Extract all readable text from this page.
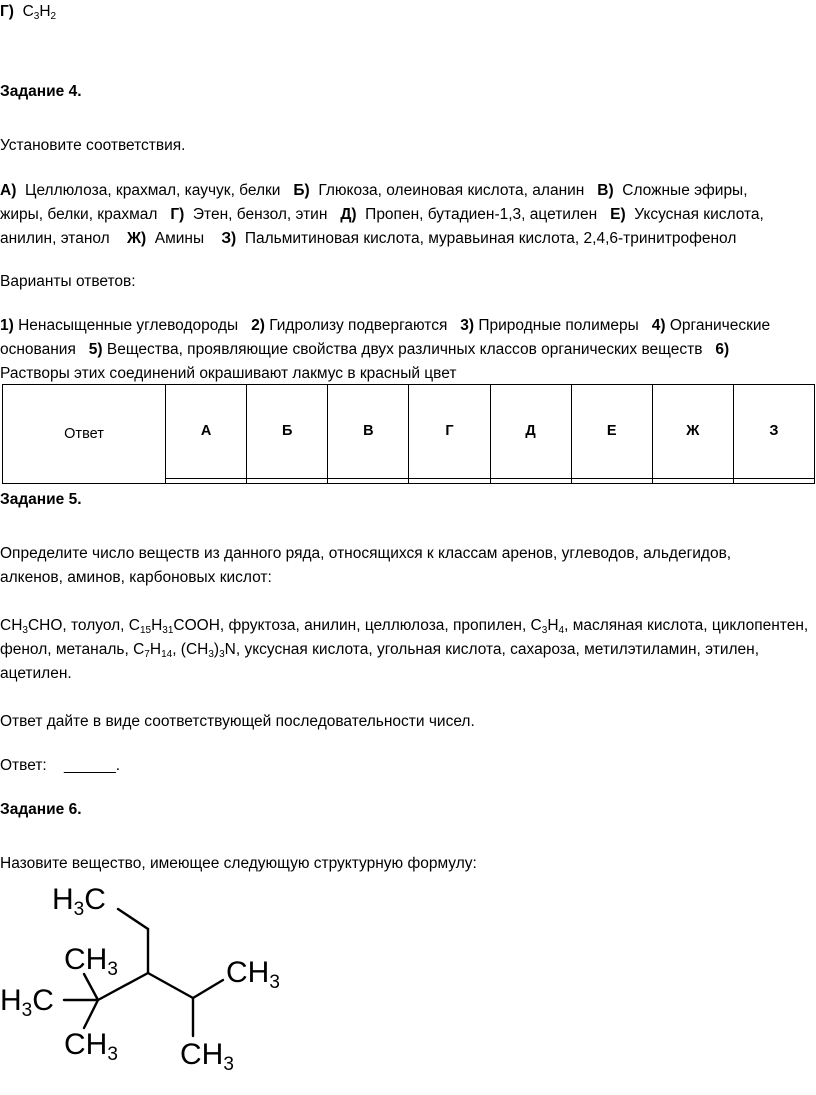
Г) $C_3H_2$
Задание 4.
Установите соответствия.
А) Целлюлоза, крахмал, каучук, белки Б) Глюкоза, олеиновая кислота, аланин В) Сложные эфиры,
жиры, белки, крахмал Г) Этен, бензол, этин Д) Пропен, бутадиен-1,3, ацетилен Е) Уксусная кислота,
анилин, этанол Ж) Амины З) Пальмитиновая кислота, муравьиная кислота, 2,4,6-тринитрофенол
Варианты ответов:
1) Ненасыщенные углеводороды 2) Гидролизу подвергаются 3) Природные полимеры 4) Органические
основания 5) Вещества, проявляющие свойства двух различных классов органических веществ 6)
Растворы этих соединений окрашивают лакмус в красный цвет
Ответ	А	Б	В	Г	Д	Е	Ж	З

Задание 5.
Определите число веществ из данного ряда, относящихся к классам аренов, углеводов, альдегидов,
алкенов, аминов, карбоновых кислот:
$CH_3CHO$, толуол, $C_{15}H_{31}COOH$, фруктоза, анилин, целлюлоза, пропилен, $C_3H_4$, масляная кислота, циклопентен,
фенол, метаналь, $C_7H_{14}$, $(CH_3)_3N$, уксусная кислота, угольная кислота, сахароза, метилэтиламин, этилен,
ацетилен.
Ответ дайте в виде соответствующей последовательности чисел.
Ответ: ______.
Задание 6.
Назовите вещество, имеющее следующую структурную формулу:
$H_3C$
$CH_3$
$H_3C$
$CH_3$
$CH_3$
$CH_3$
